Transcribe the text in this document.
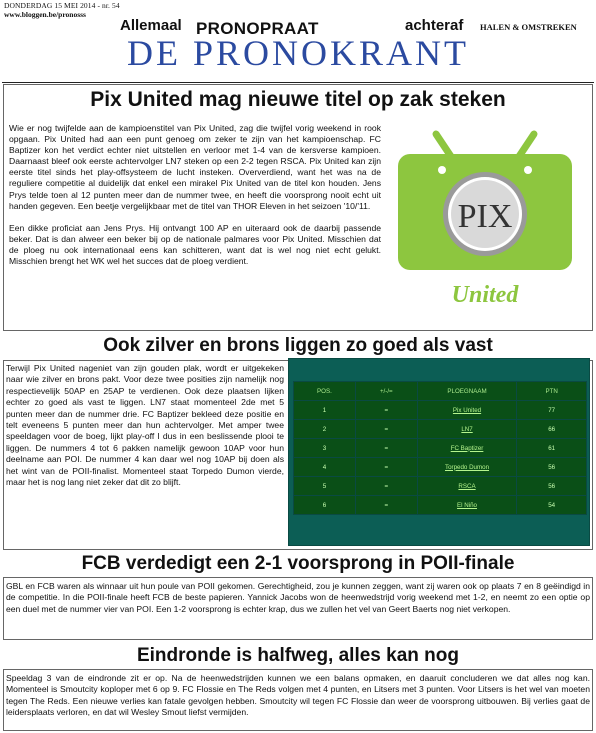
DONDERDAG 15 MEI 2014 - nr. 54
www.bloggen.be/pronosss
Allemaal PRONOPRAAT	achteraf HALEN & OMSTREKEN
DE PRONOKRANT
Pix United mag nieuwe titel op zak steken

Wie er nog twijfelde aan de kampioenstitel van Pix United, zag die twijfel vorig weekend in rook opgaan. Pix United had aan een punt genoeg om zeker te zijn van het kampioenschap. FC Baptizer kon het verdict echter niet uitstellen en verloor met 1-4 van de kersverse kampioen. Daarnaast bleef ook eerste achtervolger LN7 steken op een 2-2 tegen RSCA. Pix United kan zijn eerste titel sinds het play-offsysteem de lucht insteken. Oververdiend, want het was na de reguliere competitie al duidelijk dat enkel een mirakel Pix United van de titel kon houden. Jens Prys telde toen al 12 punten meer dan de nummer twee, en heeft die voorsprong nooit echt uit handen gegeven. Een beetje vergelijkbaar met de titel van THOR Eleven in het seizoen '10/'11.

Een dikke proficiat aan Jens Prys. Hij ontvangt 100 AP en uiteraard ook de daarbij passende beker. Dat is dan alweer een beker bij op de nationale palmares voor Pix United. Misschien dat de ploeg nu ook internationaal eens kan schitteren, want dat is wel nog niet echt gelukt. Misschien brengt het WK wel het succes dat de ploeg verdient.

PIX
United
Ook zilver en brons liggen zo goed als vast

Terwijl Pix United nageniet van zijn gouden plak, wordt er uitgekeken naar wie zilver en brons pakt. Voor deze twee posities zijn namelijk nog respectievelijk 50AP en 25AP te verdienen. Ook deze plaatsen lijken echter zo goed als vast te liggen. LN7 staat momenteel 2de met 5 punten meer dan de nummer drie. FC Baptizer bekleed deze positie en telt eveneens 5 punten meer dan hun achtervolger. Met amper twee speeldagen voor de boeg, lijkt play-off I dus in een beslissende plooi te liggen. De nummers 4 tot 6 pakken namelijk gewoon 10AP voor hun deelname aan POI. De nummer 4 kan daar wel nog 10AP bij doen als het wint van de POII-finalist. Momenteel staat Torpedo Dumon vierde, maar het is nog lang niet zeker dat dit zo blijft.

POS.	+/-/=	PLOEGNAAM	PTN
1	=	Pix United	77
2	=	LN7	66
3	=	FC Baptizer	61
4	=	Torpedo Dumon	56
5	=	RSCA	56
6	=	El Niño	54
FCB verdedigt een 2-1 voorsprong in POII-finale

GBL en FCB waren als winnaar uit hun poule van POII gekomen. Gerechtigheid, zou je kunnen zeggen, want zij waren ook op plaats 7 en 8 geëindigd in de competitie. In die POII-finale heeft FCB de beste papieren. Yannick Jacobs won de heenwedstrijd vorig weekend met 1-2, en neemt zo een optie op een duel met de nummer vier van POI. Een 1-2 voorsprong is echter krap, dus we zullen het vel van Geert Baerts nog niet verkopen.

Eindronde is halfweg, alles kan nog

Speeldag 3 van de eindronde zit er op. Na de heenwedstrijden kunnen we een balans opmaken, en daaruit concluderen we dat alles nog kan. Momenteel is Smoutcity koploper met 6 op 9. FC Flossie en The Reds volgen met 4 punten, en Litsers met 3 punten. Voor Litsers is het wel van moeten tegen The Reds. Een nieuwe verlies kan fatale gevolgen hebben. Smoutcity wil tegen FC Flossie dan weer de voorsprong uitbouwen. Bij verlies gaat de leidersplaats verloren, en dat wil Wesley Smout liefst vermijden.
